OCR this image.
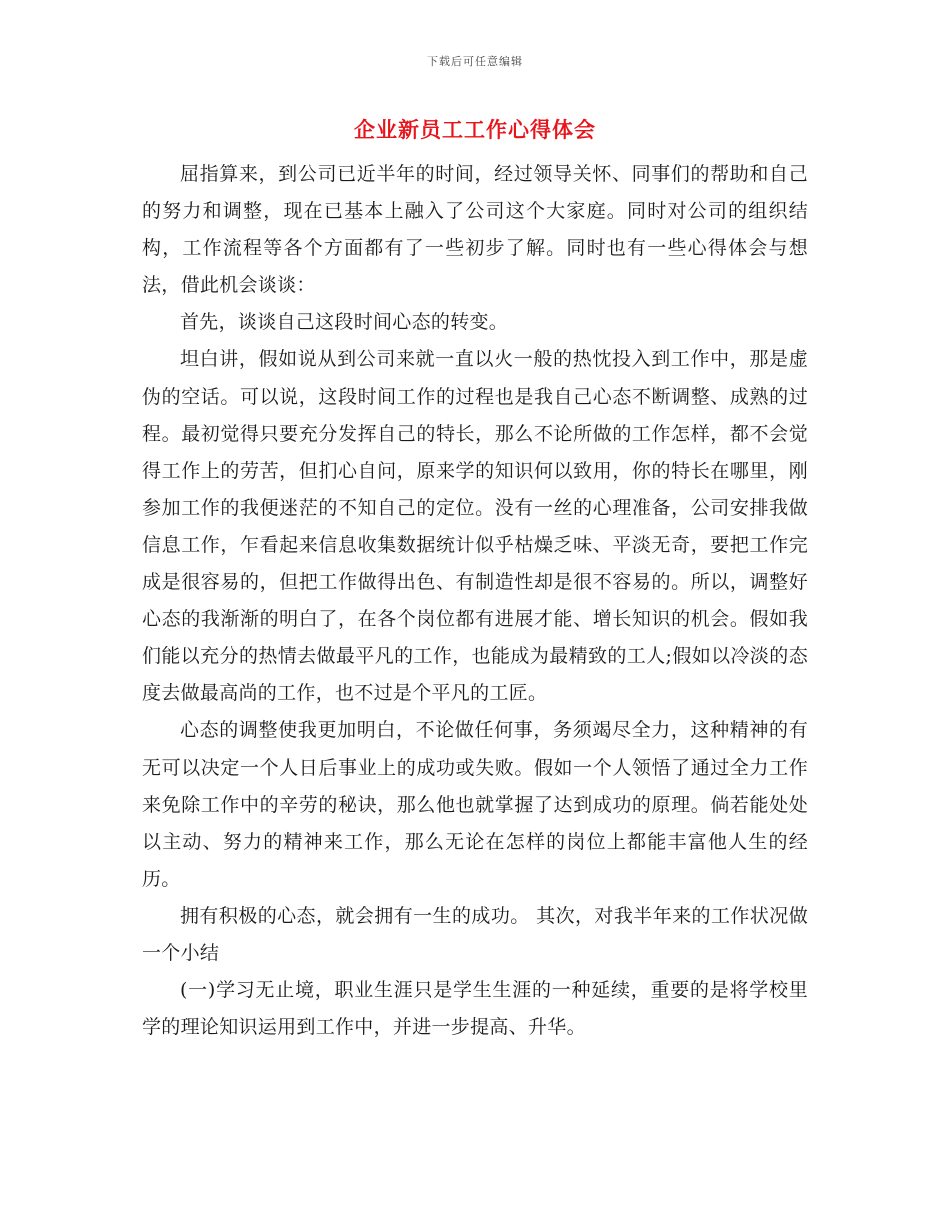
下载后可任意编辑
企业新员工工作心得体会

屈指算来，到公司已近半年的时间，经过领导关怀、同事们的帮助和自己的努力和调整，现在已基本上融入了公司这个大家庭。同时对公司的组织结构，工作流程等各个方面都有了一些初步了解。同时也有一些心得体会与想法，借此机会谈谈：

首先，谈谈自己这段时间心态的转变。

坦白讲，假如说从到公司来就一直以火一般的热忱投入到工作中，那是虚伪的空话。可以说，这段时间工作的过程也是我自己心态不断调整、成熟的过程。最初觉得只要充分发挥自己的特长，那么不论所做的工作怎样，都不会觉得工作上的劳苦，但扪心自问，原来学的知识何以致用，你的特长在哪里，刚参加工作的我便迷茫的不知自己的定位。没有一丝的心理准备，公司安排我做信息工作，乍看起来信息收集数据统计似乎枯燥乏味、平淡无奇，要把工作完成是很容易的，但把工作做得出色、有制造性却是很不容易的。所以，调整好心态的我渐渐的明白了，在各个岗位都有进展才能、增长知识的机会。假如我们能以充分的热情去做最平凡的工作，也能成为最精致的工人;假如以冷淡的态度去做最高尚的工作，也不过是个平凡的工匠。

心态的调整使我更加明白，不论做任何事，务须竭尽全力，这种精神的有无可以决定一个人日后事业上的成功或失败。假如一个人领悟了通过全力工作来免除工作中的辛劳的秘诀，那么他也就掌握了达到成功的原理。倘若能处处以主动、努力的精神来工作，那么无论在怎样的岗位上都能丰富他人生的经历。

拥有积极的心态，就会拥有一生的成功。 其次，对我半年来的工作状况做一个小结

(一)学习无止境，职业生涯只是学生生涯的一种延续，重要的是将学校里学的理论知识运用到工作中，并进一步提高、升华。
